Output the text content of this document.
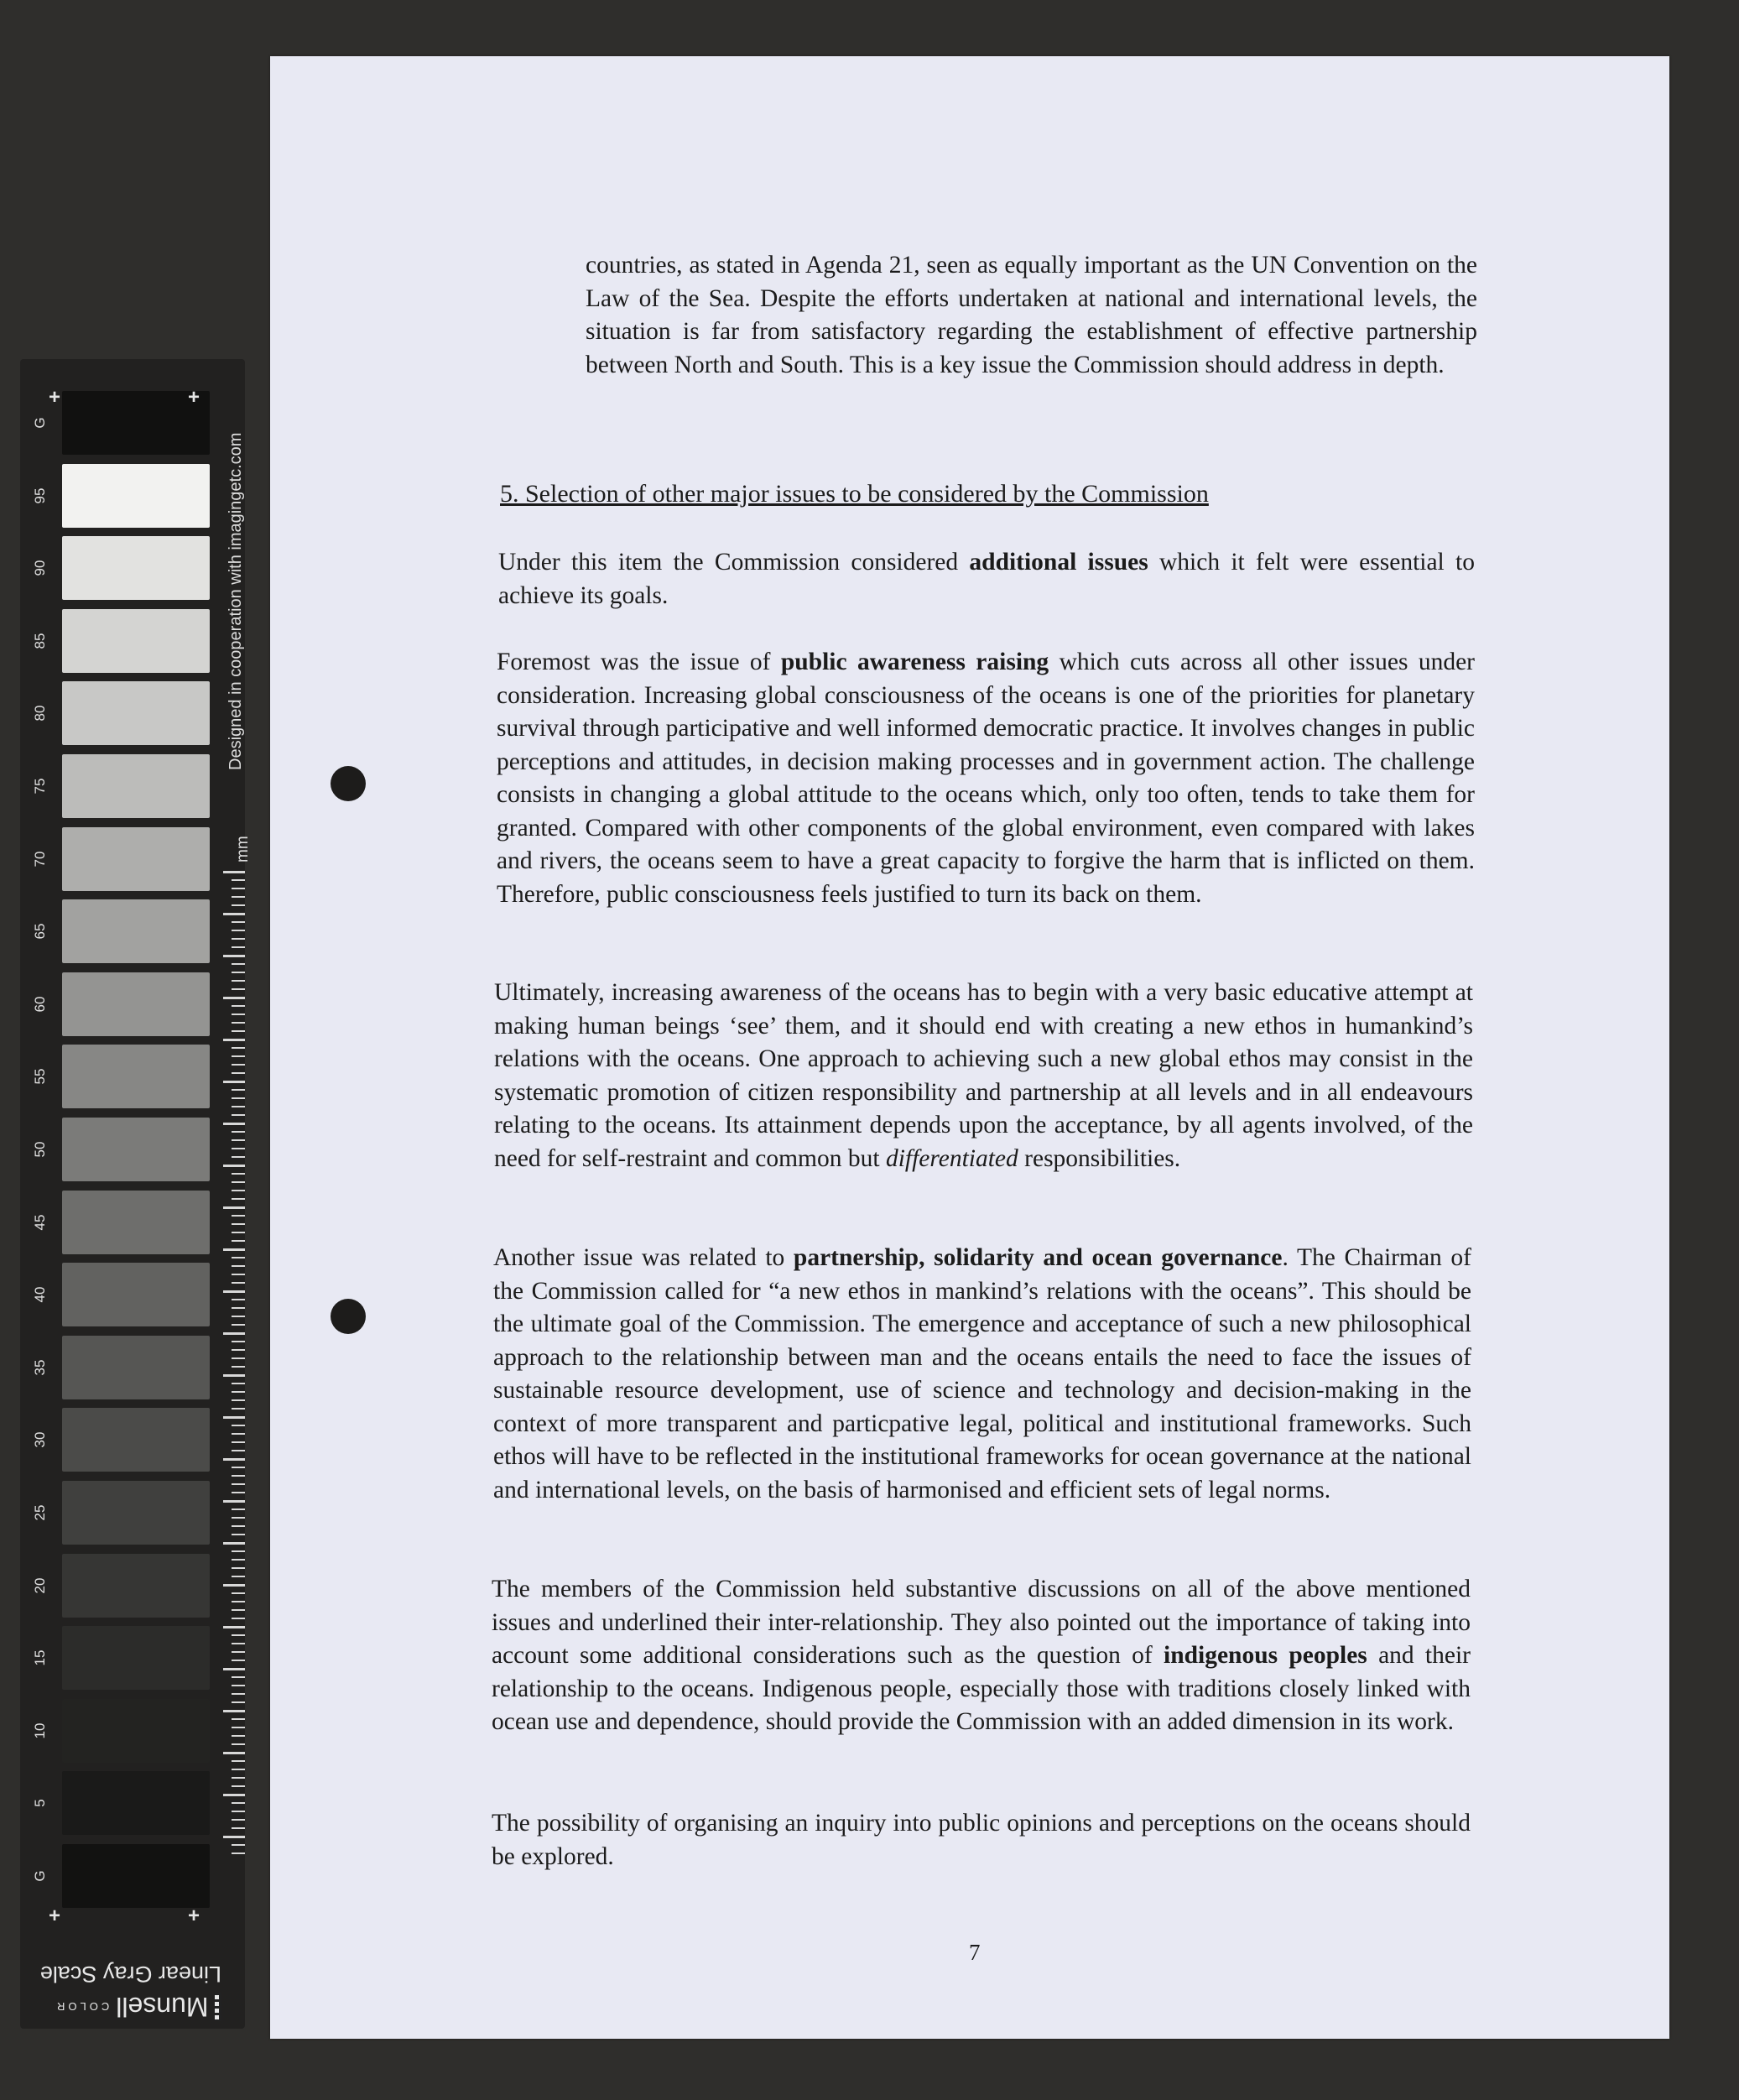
G
95
90
85
80
75
70
65
60
55
50
45
40
35
30
25
20
15
10
5
G
+	+
+	+
mm
Designed in cooperation with imagingetc.com
Linear Gray Scale
Munsell
COLOR

countries, as stated in Agenda 21, seen as equally important as the UN Convention on the Law of the Sea. Despite the efforts undertaken at national and international levels, the situation is far from satisfactory regarding the establishment of effective partnership between North and South. This is a key issue the Commission should address in depth.

5. Selection of other major issues to be considered by the Commission

Under this item the Commission considered additional issues which it felt were essential to achieve its goals.

Foremost was the issue of public awareness raising which cuts across all other issues under consideration. Increasing global consciousness of the oceans is one of the priorities for planetary survival through participative and well informed democratic practice. It involves changes in public perceptions and attitudes, in decision making processes and in government action. The challenge consists in changing a global attitude to the oceans which, only too often, tends to take them for granted. Compared with other components of the global environment, even compared with lakes and rivers, the oceans seem to have a great capacity to forgive the harm that is inflicted on them. Therefore, public consciousness feels justified to turn its back on them.

Ultimately, increasing awareness of the oceans has to begin with a very basic educative attempt at making human beings ‘see’ them, and it should end with creating a new ethos in humankind’s relations with the oceans. One approach to achieving such a new global ethos may consist in the systematic promotion of citizen responsibility and partnership at all levels and in all endeavours relating to the oceans. Its attainment depends upon the acceptance, by all agents involved, of the need for self-restraint and common but differentiated responsibilities.

Another issue was related to partnership, solidarity and ocean governance. The Chairman of the Commission called for “a new ethos in mankind’s relations with the oceans”. This should be the ultimate goal of the Commission. The emergence and acceptance of such a new philosophical approach to the relationship between man and the oceans entails the need to face the issues of sustainable resource development, use of science and technology and decision-making in the context of more transparent and particpative legal, political and institutional frameworks. Such ethos will have to be reflected in the institutional frameworks for ocean governance at the national and international levels, on the basis of harmonised and efficient sets of legal norms.

The members of the Commission held substantive discussions on all of the above mentioned issues and underlined their inter-relationship. They also pointed out the importance of taking into account some additional considerations such as the question of indigenous peoples and their relationship to the oceans. Indigenous people, especially those with traditions closely linked with ocean use and dependence, should provide the Commission with an added dimension in its work.

The possibility of organising an inquiry into public opinions and perceptions on the oceans should be explored.

7
